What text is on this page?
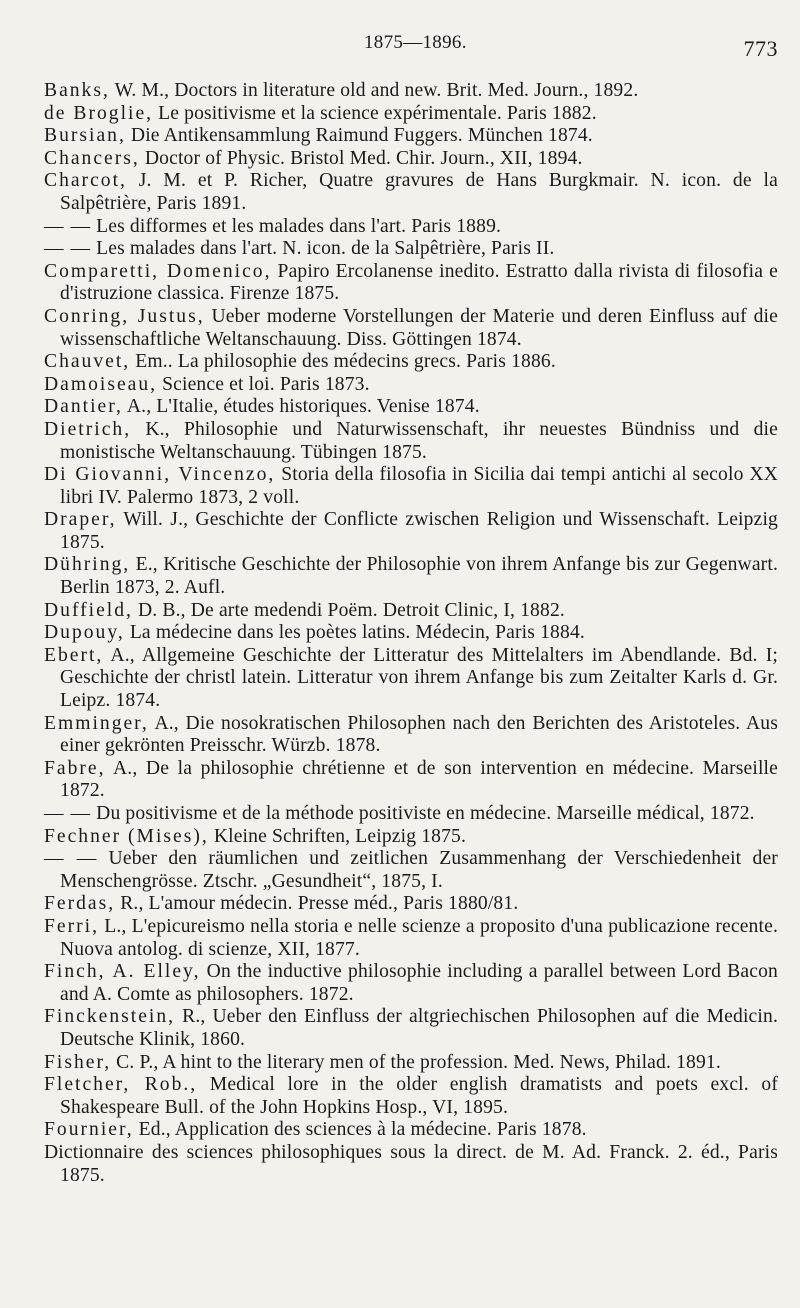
1875—1896.	773
Banks, W. M., Doctors in literature old and new. Brit. Med. Journ., 1892.
de Broglie, Le positivisme et la science expérimentale. Paris 1882.
Bursian, Die Antikensammlung Raimund Fuggers. München 1874.
Chancers, Doctor of Physic. Bristol Med. Chir. Journ., XII, 1894.
Charcot, J. M. et P. Richer, Quatre gravures de Hans Burgkmair. N. icon. de la Salpêtrière, Paris 1891.
— — Les difformes et les malades dans l'art. Paris 1889.
— — Les malades dans l'art. N. icon. de la Salpêtrière, Paris II.
Comparetti, Domenico, Papiro Ercolanense inedito. Estratto dalla rivista di filosofia e d'istruzione classica. Firenze 1875.
Conring, Justus, Ueber moderne Vorstellungen der Materie und deren Einfluss auf die wissenschaftliche Weltanschauung. Diss. Göttingen 1874.
Chauvet, Em.. La philosophie des médecins grecs. Paris 1886.
Damoiseau, Science et loi. Paris 1873.
Dantier, A., L'Italie, études historiques. Venise 1874.
Dietrich, K., Philosophie und Naturwissenschaft, ihr neuestes Bündniss und die monistische Weltanschauung. Tübingen 1875.
Di Giovanni, Vincenzo, Storia della filosofia in Sicilia dai tempi antichi al secolo XX libri IV. Palermo 1873, 2 voll.
Draper, Will. J., Geschichte der Conflicte zwischen Religion und Wissenschaft. Leipzig 1875.
Dühring, E., Kritische Geschichte der Philosophie von ihrem Anfange bis zur Gegenwart. Berlin 1873, 2. Aufl.
Duffield, D. B., De arte medendi Poëm. Detroit Clinic, I, 1882.
Dupouy, La médecine dans les poètes latins. Médecin, Paris 1884.
Ebert, A., Allgemeine Geschichte der Litteratur des Mittelalters im Abendlande. Bd. I; Geschichte der christl latein. Litteratur von ihrem Anfange bis zum Zeitalter Karls d. Gr. Leipz. 1874.
Emminger, A., Die nosokratischen Philosophen nach den Berichten des Aristoteles. Aus einer gekrönten Preisschr. Würzb. 1878.
Fabre, A., De la philosophie chrétienne et de son intervention en médecine. Marseille 1872.
— — Du positivisme et de la méthode positiviste en médecine. Marseille médical, 1872.
Fechner (Mises), Kleine Schriften, Leipzig 1875.
— — Ueber den räumlichen und zeitlichen Zusammenhang der Verschiedenheit der Menschengrösse. Ztschr. „Gesundheit“, 1875, I.
Ferdas, R., L'amour médecin. Presse méd., Paris 1880/81.
Ferri, L., L'epicureismo nella storia e nelle scienze a proposito d'una publicazione recente. Nuova antolog. di scienze, XII, 1877.
Finch, A. Elley, On the inductive philosophie including a parallel between Lord Bacon and A. Comte as philosophers. 1872.
Finckenstein, R., Ueber den Einfluss der altgriechischen Philosophen auf die Medicin. Deutsche Klinik, 1860.
Fisher, C. P., A hint to the literary men of the profession. Med. News, Philad. 1891.
Fletcher, Rob., Medical lore in the older english dramatists and poets excl. of Shakespeare Bull. of the John Hopkins Hosp., VI, 1895.
Fournier, Ed., Application des sciences à la médecine. Paris 1878.
Dictionnaire des sciences philosophiques sous la direct. de M. Ad. Franck. 2. éd., Paris 1875.
